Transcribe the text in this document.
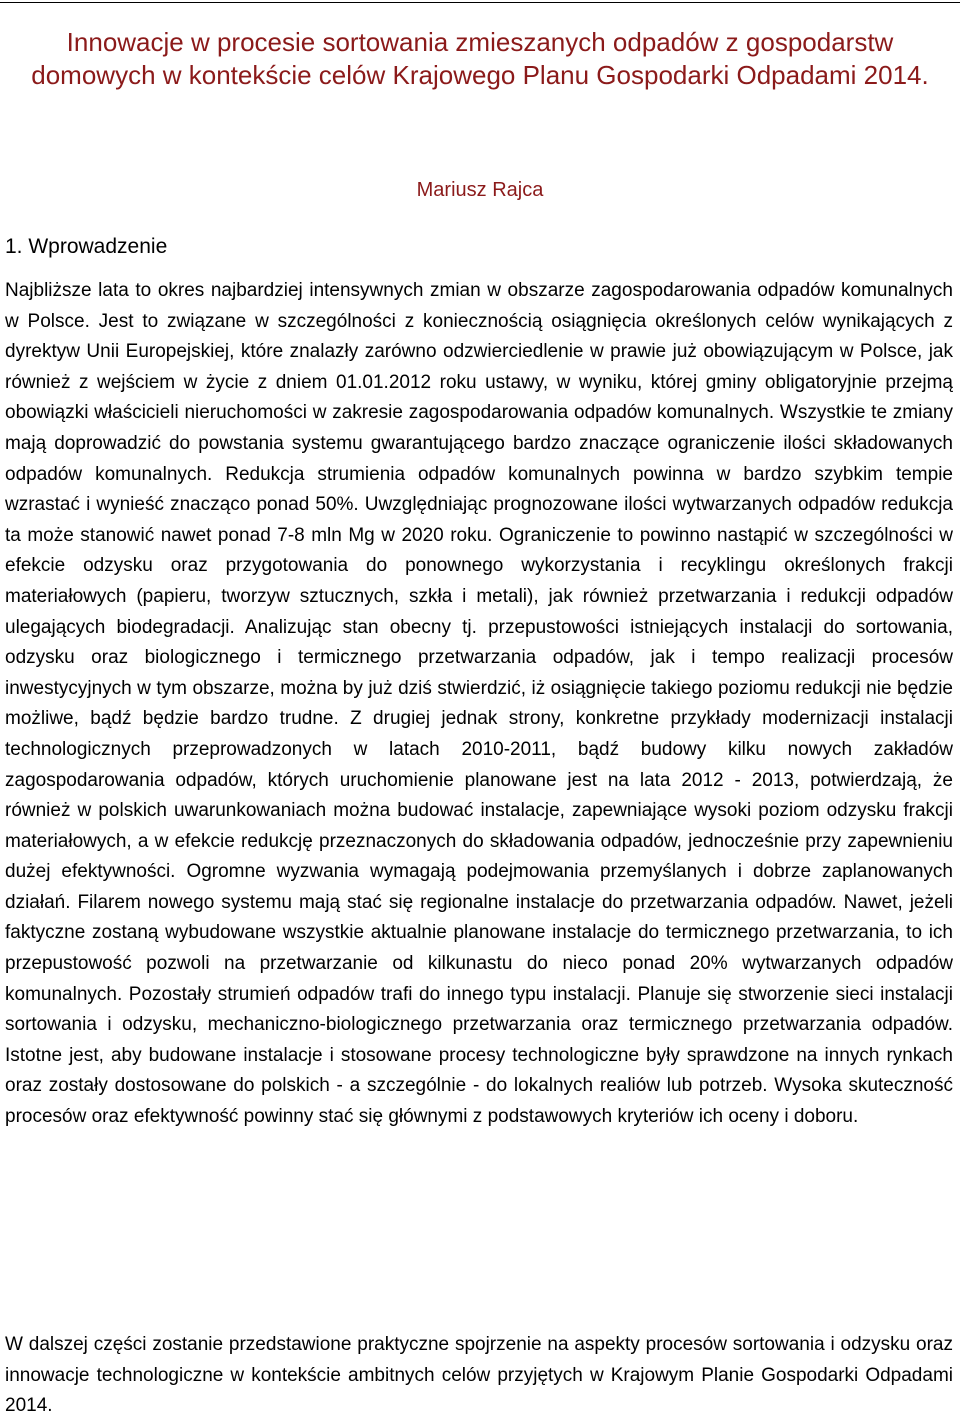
Innowacje w procesie sortowania zmieszanych odpadów z gospodarstw domowych w kontekście celów Krajowego Planu Gospodarki Odpadami 2014.

Mariusz Rajca

1. Wprowadzenie

Najbliższe lata to okres najbardziej intensywnych zmian w obszarze zagospodarowania odpadów komunalnych w Polsce. Jest to związane w szczególności z koniecznością osiągnięcia określonych celów wynikających z dyrektyw Unii Europejskiej, które znalazły zarówno odzwierciedlenie w prawie już obowiązującym w Polsce, jak również z wejściem w życie z dniem 01.01.2012 roku ustawy, w wyniku, której gminy obligatoryjnie przejmą obowiązki właścicieli nieruchomości w zakresie zagospodarowania odpadów komunalnych. Wszystkie te zmiany mają doprowadzić do powstania systemu gwarantującego bardzo znaczące ograniczenie ilości składowanych odpadów komunalnych. Redukcja strumienia odpadów komunalnych powinna w bardzo szybkim tempie wzrastać i wynieść znacząco ponad 50%. Uwzględniając prognozowane ilości wytwarzanych odpadów redukcja ta może stanowić nawet ponad 7-8 mln Mg w 2020 roku. Ograniczenie to powinno nastąpić w szczególności w efekcie odzysku oraz przygotowania do ponownego wykorzystania i recyklingu określonych frakcji materiałowych (papieru, tworzyw sztucznych, szkła i metali), jak również przetwarzania i redukcji odpadów ulegających biodegradacji. Analizując stan obecny tj. przepustowości istniejących instalacji do sortowania, odzysku oraz biologicznego i termicznego przetwarzania odpadów, jak i tempo realizacji procesów inwestycyjnych w tym obszarze, można by już dziś stwierdzić, iż osiągnięcie takiego poziomu redukcji nie będzie możliwe, bądź będzie bardzo trudne. Z drugiej jednak strony, konkretne przykłady modernizacji instalacji technologicznych przeprowadzonych w latach 2010-2011, bądź budowy kilku nowych zakładów zagospodarowania odpadów, których uruchomienie planowane jest na lata 2012 - 2013, potwierdzają, że również w polskich uwarunkowaniach można budować instalacje, zapewniające wysoki poziom odzysku frakcji materiałowych, a w efekcie redukcję przeznaczonych do składowania odpadów, jednocześnie przy zapewnieniu dużej efektywności. Ogromne wyzwania wymagają podejmowania przemyślanych i dobrze zaplanowanych działań. Filarem nowego systemu mają stać się regionalne instalacje do przetwarzania odpadów. Nawet, jeżeli faktyczne zostaną wybudowane wszystkie aktualnie planowane instalacje do termicznego przetwarzania, to ich przepustowość pozwoli na przetwarzanie od kilkunastu do nieco ponad 20% wytwarzanych odpadów komunalnych. Pozostały strumień odpadów trafi do innego typu instalacji. Planuje się stworzenie sieci instalacji sortowania i odzysku, mechaniczno-biologicznego przetwarzania oraz termicznego przetwarzania odpadów. Istotne jest, aby budowane instalacje i stosowane procesy technologiczne były sprawdzone na innych rynkach oraz zostały dostosowane do polskich - a szczególnie - do lokalnych realiów lub potrzeb. Wysoka skuteczność procesów oraz efektywność powinny stać się głównymi z podstawowych kryteriów ich oceny i doboru.

W dalszej części zostanie przedstawione praktyczne spojrzenie na aspekty procesów sortowania i odzysku oraz innowacje technologiczne w kontekście ambitnych celów przyjętych w Krajowym Planie Gospodarki Odpadami 2014.
